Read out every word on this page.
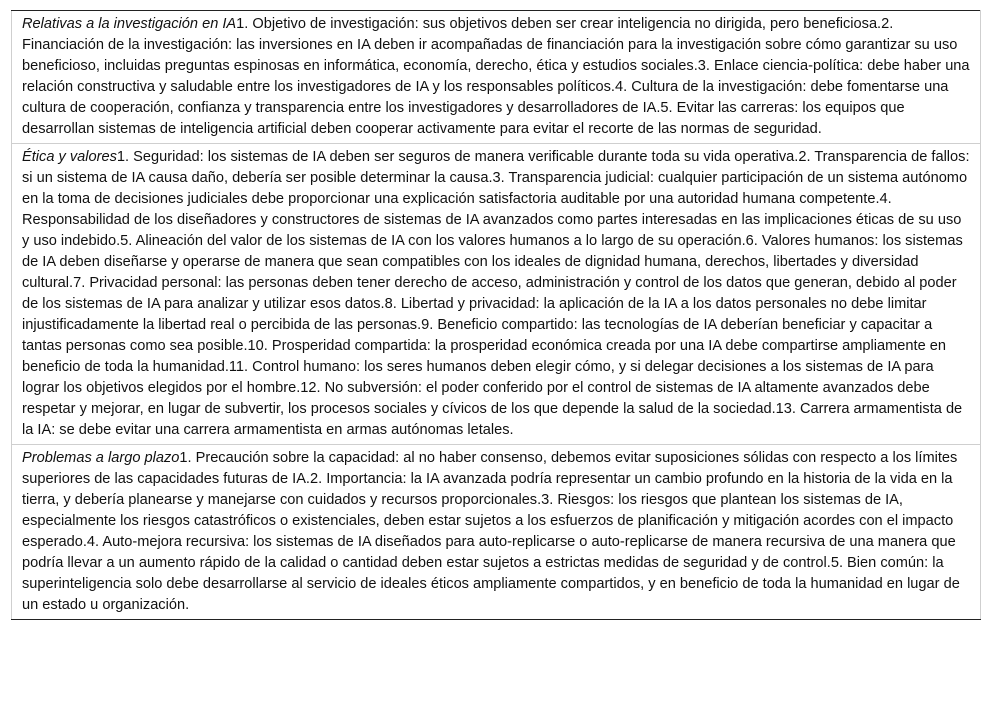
Relativas a la investigación en IA1. Objetivo de investigación: sus objetivos deben ser crear inteligencia no dirigida, pero beneficiosa.2. Financiación de la investigación: las inversiones en IA deben ir acompañadas de financiación para la investigación sobre cómo garantizar su uso beneficioso, incluidas preguntas espinosas en informática, economía, derecho, ética y estudios sociales.3. Enlace ciencia-política: debe haber una relación constructiva y saludable entre los investigadores de IA y los responsables políticos.4. Cultura de la investigación: debe fomentarse una cultura de cooperación, confianza y transparencia entre los investigadores y desarrolladores de IA.5. Evitar las carreras: los equipos que desarrollan sistemas de inteligencia artificial deben cooperar activamente para evitar el recorte de las normas de seguridad.
Ética y valores1. Seguridad: los sistemas de IA deben ser seguros de manera verificable durante toda su vida operativa.2. Transparencia de fallos: si un sistema de IA causa daño, debería ser posible determinar la causa.3. Transparencia judicial: cualquier participación de un sistema autónomo en la toma de decisiones judiciales debe proporcionar una explicación satisfactoria auditable por una autoridad humana competente.4. Responsabilidad de los diseñadores y constructores de sistemas de IA avanzados como partes interesadas en las implicaciones éticas de su uso y uso indebido.5. Alineación del valor de los sistemas de IA con los valores humanos a lo largo de su operación.6. Valores humanos: los sistemas de IA deben diseñarse y operarse de manera que sean compatibles con los ideales de dignidad humana, derechos, libertades y diversidad cultural.7. Privacidad personal: las personas deben tener derecho de acceso, administración y control de los datos que generan, debido al poder de los sistemas de IA para analizar y utilizar esos datos.8. Libertad y privacidad: la aplicación de la IA a los datos personales no debe limitar injustificadamente la libertad real o percibida de las personas.9. Beneficio compartido: las tecnologías de IA deberían beneficiar y capacitar a tantas personas como sea posible.10. Prosperidad compartida: la prosperidad económica creada por una IA debe compartirse ampliamente en beneficio de toda la humanidad.11. Control humano: los seres humanos deben elegir cómo, y si delegar decisiones a los sistemas de IA para lograr los objetivos elegidos por el hombre.12. No subversión: el poder conferido por el control de sistemas de IA altamente avanzados debe respetar y mejorar, en lugar de subvertir, los procesos sociales y cívicos de los que depende la salud de la sociedad.13. Carrera armamentista de la IA: se debe evitar una carrera armamentista en armas autónomas letales.
Problemas a largo plazo1. Precaución sobre la capacidad: al no haber consenso, debemos evitar suposiciones sólidas con respecto a los límites superiores de las capacidades futuras de IA.2. Importancia: la IA avanzada podría representar un cambio profundo en la historia de la vida en la tierra, y debería planearse y manejarse con cuidados y recursos proporcionales.3. Riesgos: los riesgos que plantean los sistemas de IA, especialmente los riesgos catastróficos o existenciales, deben estar sujetos a los esfuerzos de planificación y mitigación acordes con el impacto esperado.4. Auto-mejora recursiva: los sistemas de IA diseñados para auto-replicarse o auto-replicarse de manera recursiva de una manera que podría llevar a un aumento rápido de la calidad o cantidad deben estar sujetos a estrictas medidas de seguridad y de control.5. Bien común: la superinteligencia solo debe desarrollarse al servicio de ideales éticos ampliamente compartidos, y en beneficio de toda la humanidad en lugar de un estado u organización.
